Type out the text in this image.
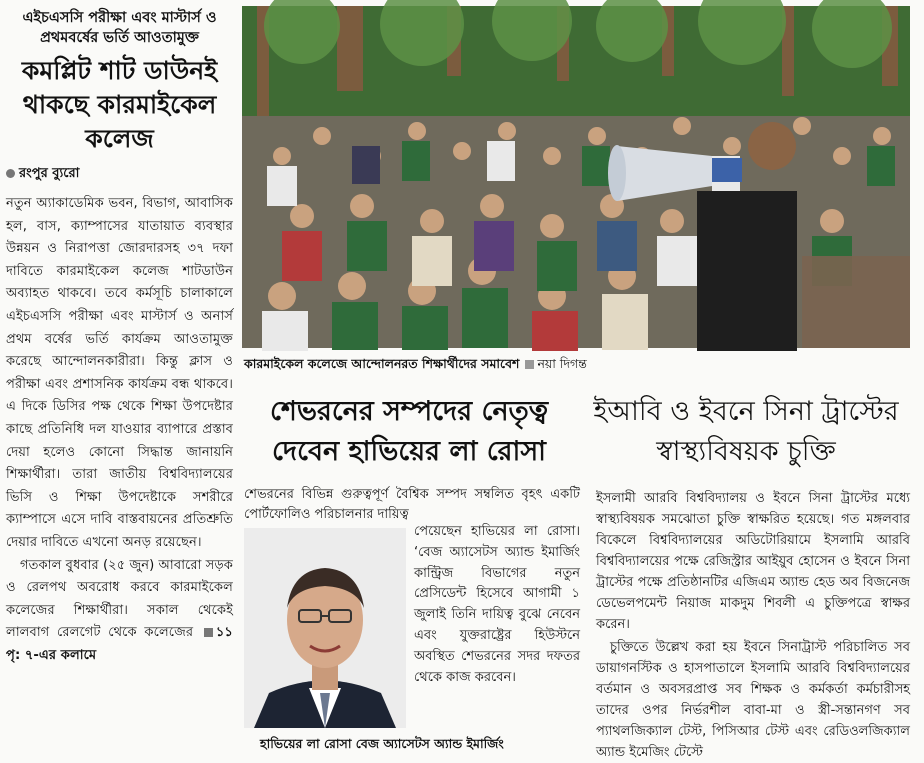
এইচএসসি পরীক্ষা এবং মাস্টার্স ও প্রথমবর্ষের ভর্তি আওতামুক্ত
কমপ্লিট শাট ডাউনই থাকছে কারমাইকেল কলেজ
রংপুর ব্যুরো

নতুন অ্যাকাডেমিক ভবন, বিভাগ, আবাসিক হল, বাস, ক্যাম্পাসের যাতায়াত ব্যবস্থার উন্নয়ন ও নিরাপত্তা জোরদারসহ ৩৭ দফা দাবিতে কারমাইকেল কলেজ শাটডাউন অব্যাহত থাকবে। তবে কর্মসূচি চালাকালে এইচএসসি পরীক্ষা এবং মাস্টার্স ও অনার্স প্রথম বর্ষের ভর্তি কার্যক্রম আওতামুক্ত করেছে আন্দোলনকারীরা। কিন্তু ক্লাস ও পরীক্ষা এবং প্রশাসনিক কার্যক্রম বন্ধ থাকবে। এ দিকে ডিসির পক্ষ থেকে শিক্ষা উপদেষ্টার কাছে প্রতিনিধি দল যাওয়ার ব্যাপারে প্রস্তাব দেয়া হলেও কোনো সিদ্ধান্ত জানায়নি শিক্ষার্থীরা। তারা জাতীয় বিশ্ববিদ্যালয়ের ভিসি ও শিক্ষা উপদেষ্টাকে সশরীরে ক্যাম্পাসে এসে দাবি বাস্তবায়নের প্রতিশ্রুতি দেয়ার দাবিতে এখনো অনড় রয়েছেন।

গতকাল বুধবার (২৫ জুন) আবারো সড়ক ও রেলপথ অবরোধ করবে কারমাইকেল কলেজের শিক্ষার্থীরা। সকাল থেকেই লালবাগ রেলগেট থেকে কলেজের ১১ পৃ: ৭-এর কলামে

কারমাইকেল কলেজে আন্দোলনরত শিক্ষার্থীদের সমাবেশ নয়া দিগন্ত
শেভরনের সম্পদের নেতৃত্ব দেবেন হাভিয়ের লা রোসা

শেভরনের বিভিন্ন গুরুত্বপূর্ণ বৈশ্বিক সম্পদ সম্বলিত বৃহৎ একটি পোর্টফোলিও পরিচালনার দায়িত্ব

পেয়েছেন হাভিয়ের লা রোসা। ‘বেজ অ্যাসেটস অ্যান্ড ইমার্জিং কান্ট্রিজ বিভাগের নতুন প্রেসিডেন্ট হিসেবে আগামী ১ জুলাই তিনি দায়িত্ব বুঝে নেবেন এবং যুক্তরাষ্ট্রের হিউস্টনে অবস্থিত শেভরনের সদর দফতর থেকে কাজ করবেন।
হাভিয়ের লা রোসা বেজ অ্যাসেটস অ্যান্ড ইমার্জিং
ইআবি ও ইবনে সিনা ট্রাস্টের স্বাস্থ্যবিষয়ক চুক্তি

ইসলামী আরবি বিশ্ববিদ্যালয় ও ইবনে সিনা ট্রাস্টের মধ্যে স্বাস্থ্যবিষয়ক সমঝোতা চুক্তি স্বাক্ষরিত হয়েছে। গত মঙ্গলবার বিকেলে বিশ্ববিদ্যালয়ের অডিটোরিয়ামে ইসলামি আরবি বিশ্ববিদ্যালয়ের পক্ষে রেজিস্ট্রার আইয়ুব হোসেন ও ইবনে সিনা ট্রাস্টের পক্ষে প্রতিষ্ঠানটির এজিএম অ্যান্ড হেড অব বিজনেজ ডেভেলপমেন্ট নিয়াজ মাকদুম শিবলী এ চুক্তিপত্রে স্বাক্ষর করেন।

চুক্তিতে উল্লেখ করা হয় ইবনে সিনাট্রাস্ট পরিচালিত সব ডায়াগনস্টিক ও হাসপাতালে ইসলামি আরবি বিশ্ববিদ্যালয়ের বর্তমান ও অবসরপ্রাপ্ত সব শিক্ষক ও কর্মকর্তা কর্মচারীসহ তাদের ওপর নির্ভরশীল বাবা-মা ও স্ত্রী-সন্তানগণ সব প্যাথলজিক্যাল টেস্ট, পিসিআর টেস্ট এবং রেডিওলজিক্যাল অ্যান্ড ইমেজিং টেস্টে
